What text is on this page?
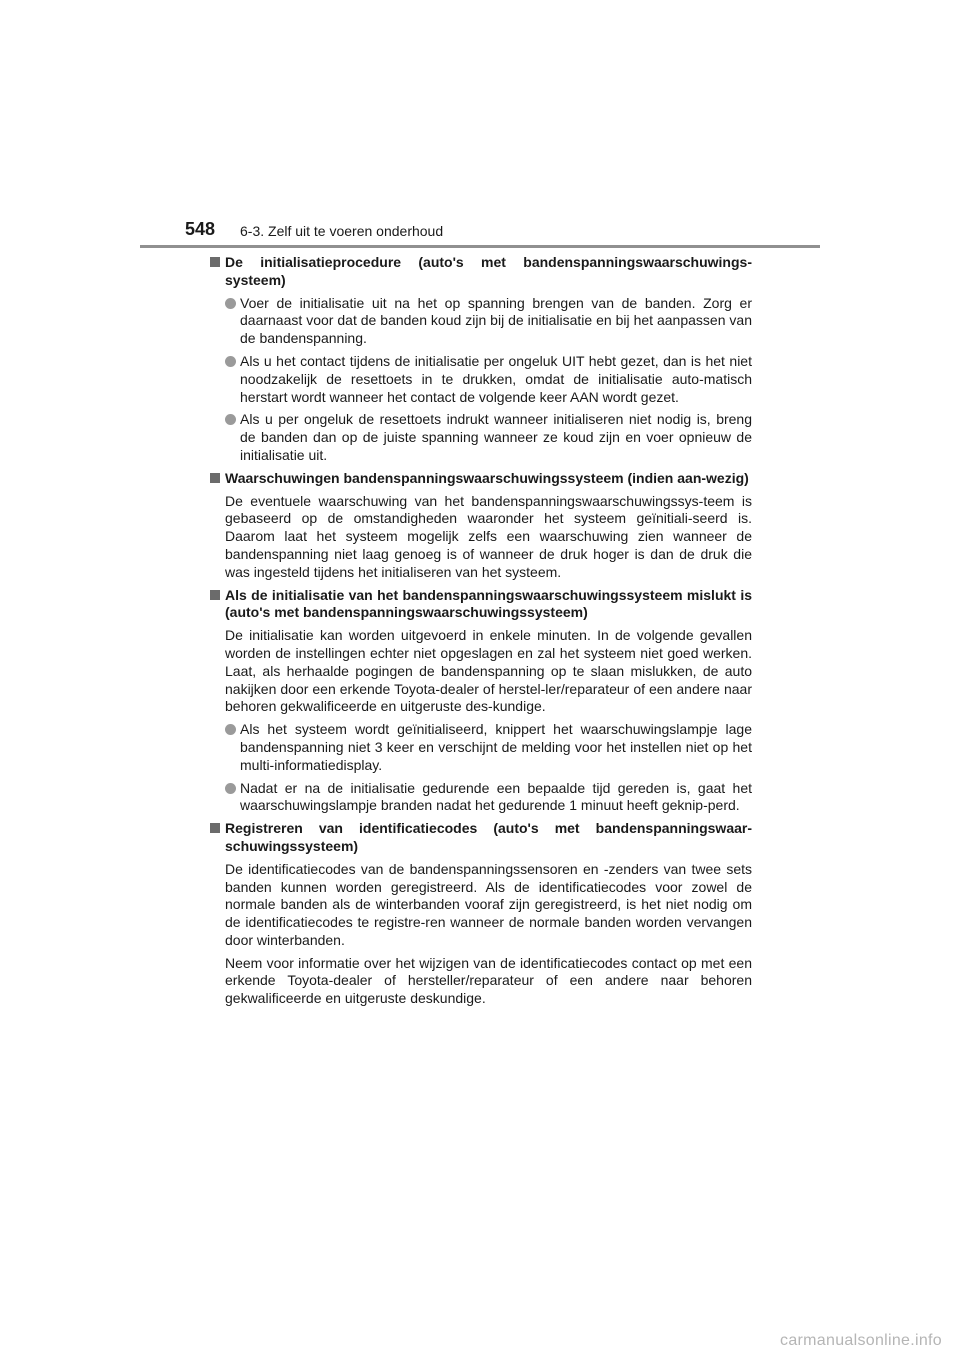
548 6-3. Zelf uit te voeren onderhoud
De initialisatieprocedure (auto's met bandenspanningswaarschuwings-systeem)
Voer de initialisatie uit na het op spanning brengen van de banden. Zorg er daarnaast voor dat de banden koud zijn bij de initialisatie en bij het aanpassen van de bandenspanning.
Als u het contact tijdens de initialisatie per ongeluk UIT hebt gezet, dan is het niet noodzakelijk de resettoets in te drukken, omdat de initialisatie auto-matisch herstart wordt wanneer het contact de volgende keer AAN wordt gezet.
Als u per ongeluk de resettoets indrukt wanneer initialiseren niet nodig is, breng de banden dan op de juiste spanning wanneer ze koud zijn en voer opnieuw de initialisatie uit.
Waarschuwingen bandenspanningswaarschuwingssysteem (indien aan-wezig)
De eventuele waarschuwing van het bandenspanningswaarschuwingssys-teem is gebaseerd op de omstandigheden waaronder het systeem geïnitiali-seerd is. Daarom laat het systeem mogelijk zelfs een waarschuwing zien wanneer de bandenspanning niet laag genoeg is of wanneer de druk hoger is dan de druk die was ingesteld tijdens het initialiseren van het systeem.
Als de initialisatie van het bandenspanningswaarschuwingssysteem mislukt is (auto's met bandenspanningswaarschuwingssysteem)
De initialisatie kan worden uitgevoerd in enkele minuten. In de volgende gevallen worden de instellingen echter niet opgeslagen en zal het systeem niet goed werken. Laat, als herhaalde pogingen de bandenspanning op te slaan mislukken, de auto nakijken door een erkende Toyota-dealer of herstel-ler/reparateur of een andere naar behoren gekwalificeerde en uitgeruste des-kundige.
Als het systeem wordt geïnitialiseerd, knippert het waarschuwingslampje lage bandenspanning niet 3 keer en verschijnt de melding voor het instellen niet op het multi-informatiedisplay.
Nadat er na de initialisatie gedurende een bepaalde tijd gereden is, gaat het waarschuwingslampje branden nadat het gedurende 1 minuut heeft geknip-perd.
Registreren van identificatiecodes (auto's met bandenspanningswaar-schuwingssysteem)
De identificatiecodes van de bandenspanningssensoren en -zenders van twee sets banden kunnen worden geregistreerd. Als de identificatiecodes voor zowel de normale banden als de winterbanden vooraf zijn geregistreerd, is het niet nodig om de identificatiecodes te registre-ren wanneer de normale banden worden vervangen door winterbanden.
Neem voor informatie over het wijzigen van de identificatiecodes contact op met een erkende Toyota-dealer of hersteller/reparateur of een andere naar behoren gekwalificeerde en uitgeruste deskundige.
carmanualsonline.info
